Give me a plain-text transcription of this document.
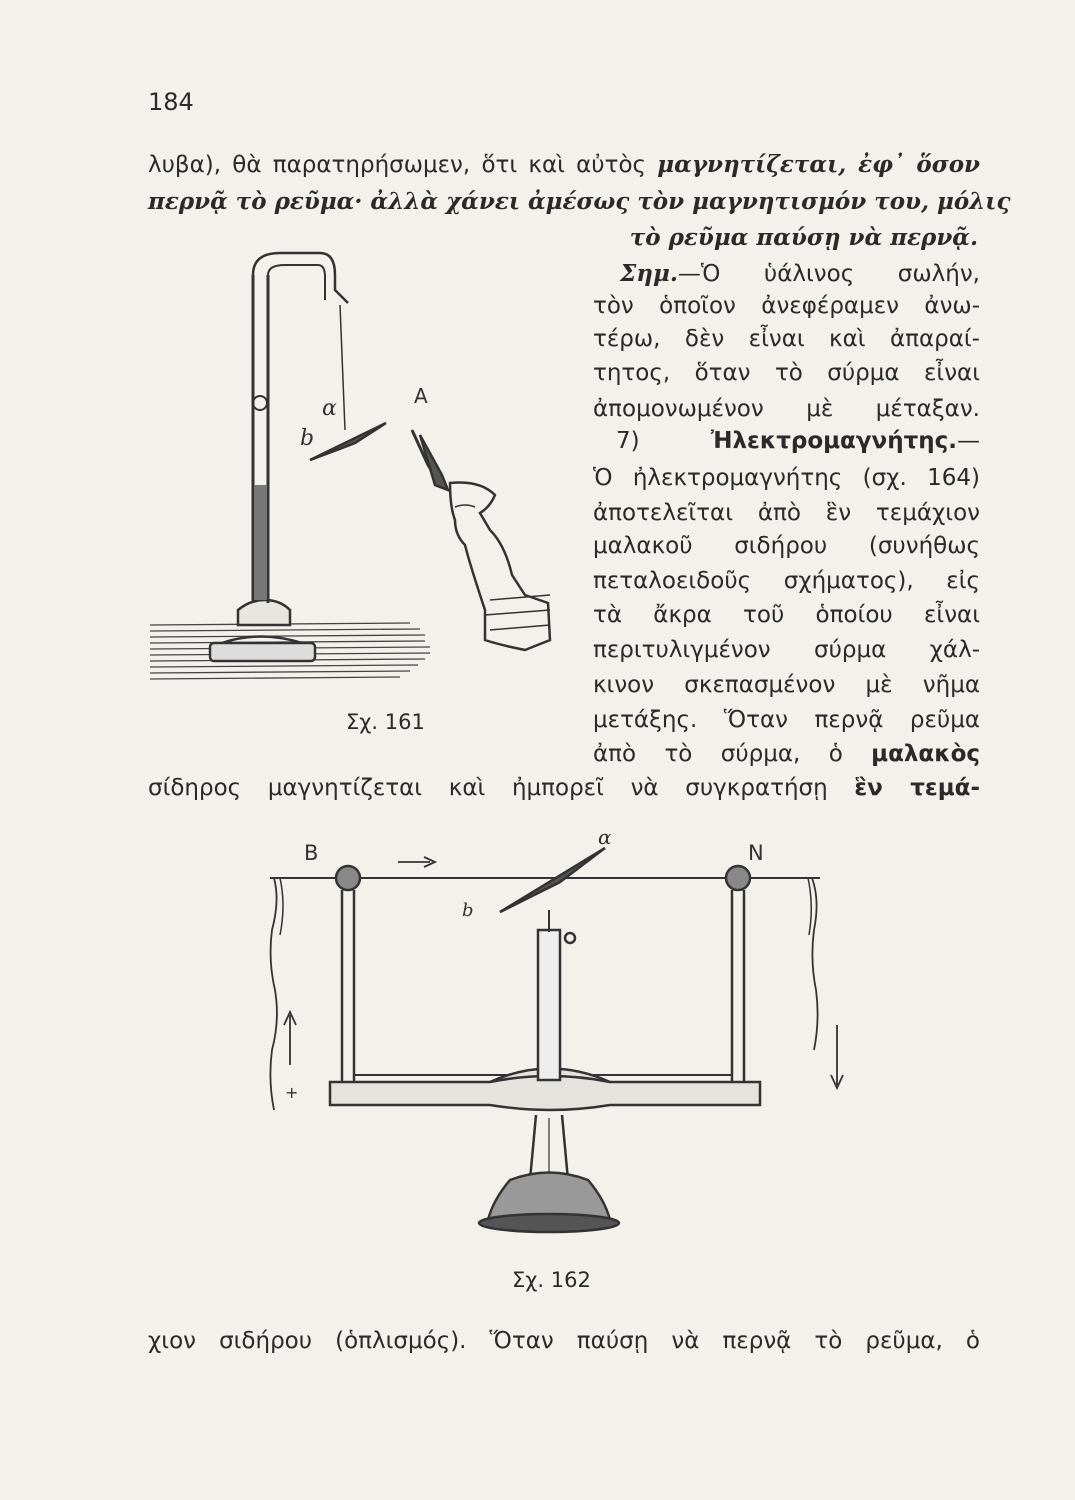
184
λυβα), θὰ παρατηρήσωμεν, ὅτι καὶ αὐτὸς μαγνητίζεται, ἐφ᾽ ὅσον
περνᾷ τὸ ρεῦμα· ἀλλὰ χάνει ἀμέσως τὸν μαγνητισμόν του, μόλις
τὸ ρεῦμα παύσῃ νὰ περνᾷ.
Σημ.—Ὁ ὑάλινος σωλήν,
τὸν ὁποῖον ἀνεφέραμεν ἀνω-
τέρω, δὲν εἶναι καὶ ἀπαραί-
τητος, ὅταν τὸ σύρμα εἶναι
ἀπομονωμένον μὲ μέταξαν.
7) Ἠλεκτρομαγνήτης.—
Ὁ ἠλεκτρομαγνήτης (σχ. 164)
ἀποτελεῖται ἀπὸ ἓν τεμάχιον
μαλακοῦ σιδήρου (συνήθως
πεταλοειδοῦς σχήματος), εἰς
τὰ ἄκρα τοῦ ὁποίου εἶναι
περιτυλιγμένον σύρμα χάλ-
κινον σκεπασμένον μὲ νῆμα
μετάξης. Ὅταν περνᾷ ρεῦμα
ἀπὸ τὸ σύρμα, ὁ μαλακὸς
σίδηρος μαγνητίζεται καὶ ἠμπορεῖ νὰ συγκρατήσῃ ἓν τεμά-
α	A
b
Σχ. 161
B	N
α
b
+
Σχ. 162
χιον σιδήρου (ὁπλισμός). Ὅταν παύσῃ νὰ περνᾷ τὸ ρεῦμα, ὁ
